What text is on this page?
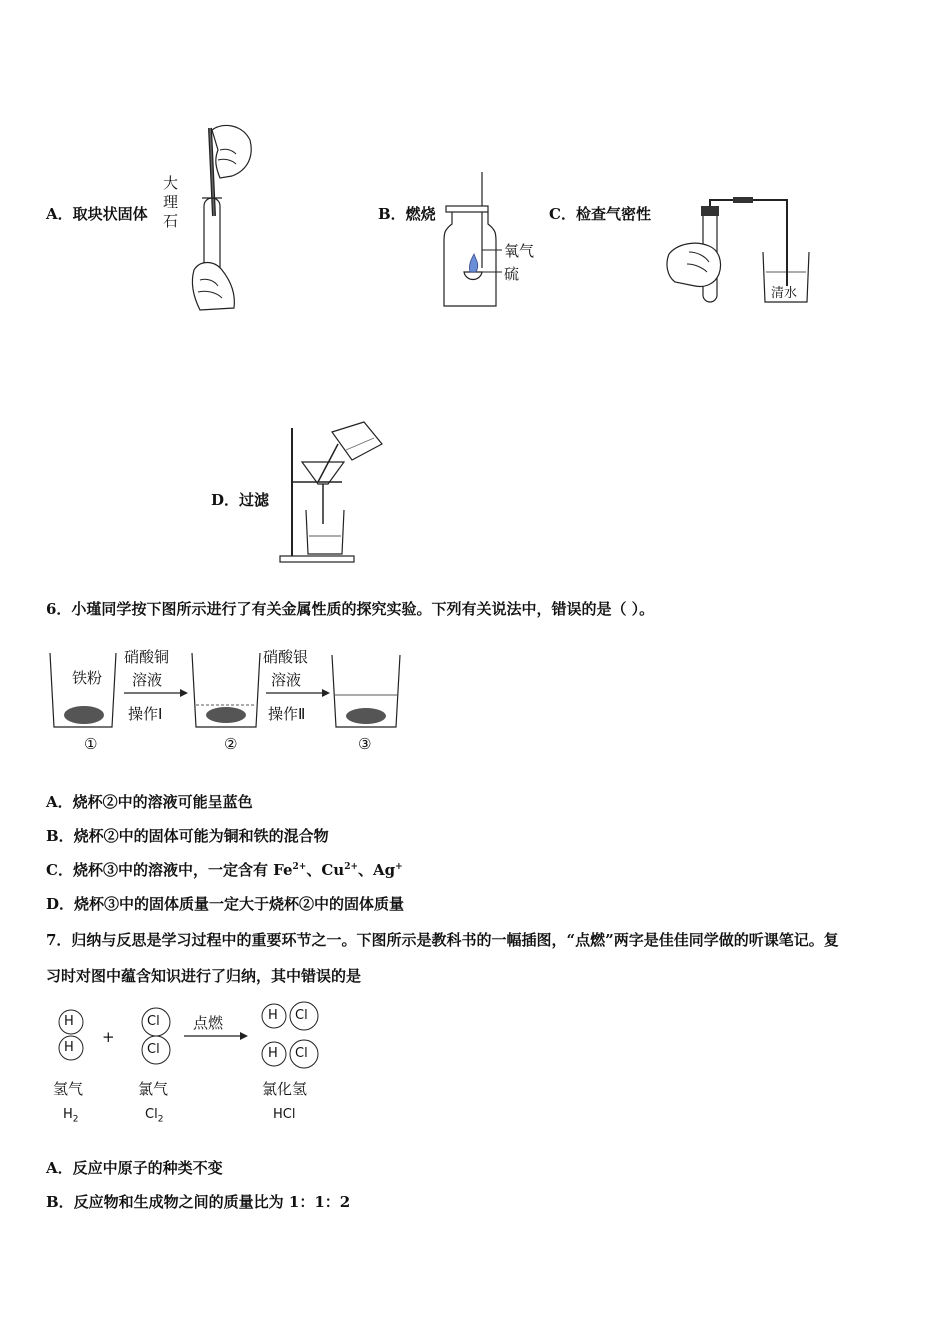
A．取块状固体
大
理
石	B．燃烧
氧气
硫
C．检查气密性
清水
D．过滤
6．小瑾同学按下图所示进行了有关金属性质的探究实验。下列有关说法中，错误的是（ ）。
铁粉
硝酸铜
溶液
操作Ⅰ
硝酸银
溶液
操作Ⅱ
①	②	③
A．烧杯②中的溶液可能呈蓝色
B．烧杯②中的固体可能为铜和铁的混合物
C．烧杯③中的溶液中，一定含有 $Fe^{2+}$、$Cu^{2+}$、Ag+
D．烧杯③中的固体质量一定大于烧杯②中的固体质量
7．归纳与反思是学习过程中的重要环节之一。下图所示是教科书的一幅插图，“点燃”两字是佳佳同学做的听课笔记。复
习时对图中蕴含知识进行了归纳，其中错误的是
H
H
Cl
Cl
H Cl
H Cl
+
点燃
氢气	氯气	氯化氢
$H_2$	$Cl_2$	HCl
A．反应中原子的种类不变
B．反应物和生成物之间的质量比为 1：1：2
